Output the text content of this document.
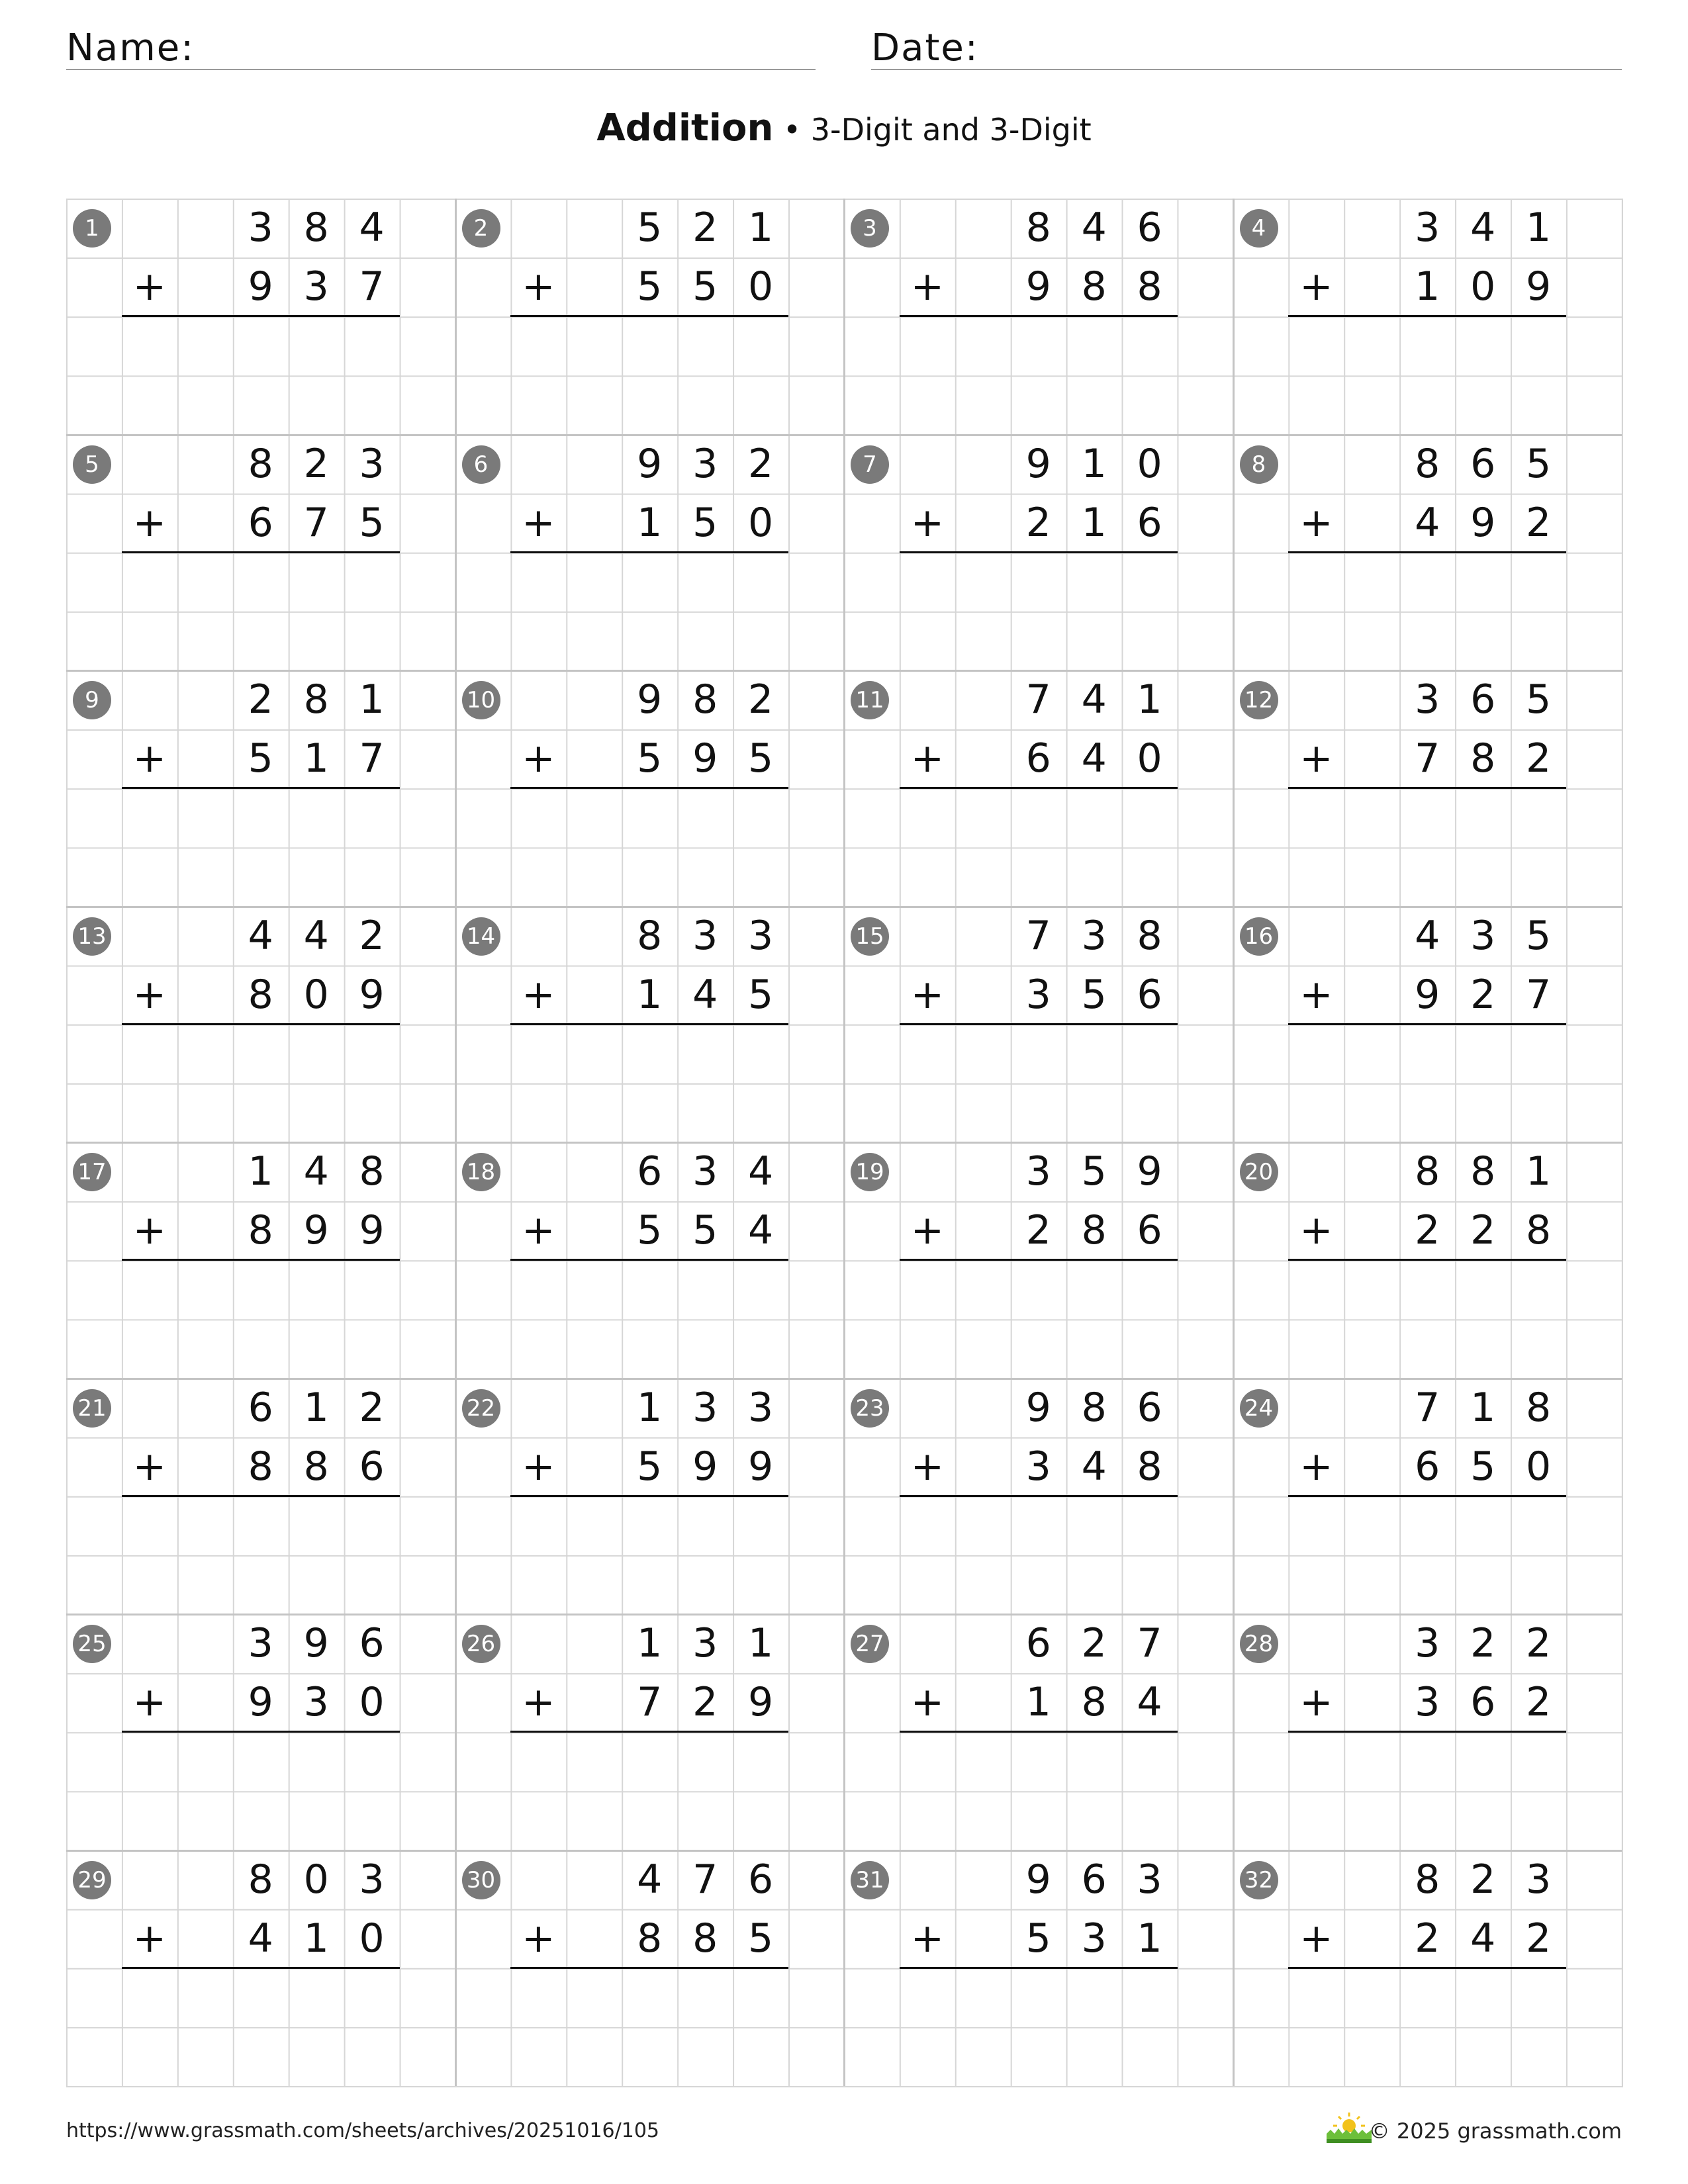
Name:	Date:
Addition • 3-Digit and 3-Digit
1	3 8 4
9 3 7
+
2	5 2 1
5 5 0
+
3	8 4 6
9 8 8
+
4	3 4 1
1 0 9
+
5	8 2 3
6 7 5
+
6	9 3 2
1 5 0
+
7	9 1 0
2 1 6
+
8	8 6 5
4 9 2
+
9	2 8 1
5 1 7
+
10	9 8 2
5 9 5
+
11	7 4 1
6 4 0
+
12	3 6 5
7 8 2
+
13	4 4 2
8 0 9
+
14	8 3 3
1 4 5
+
15	7 3 8
3 5 6
+
16	4 3 5
9 2 7
+
17	1 4 8
8 9 9
+
18	6 3 4
5 5 4
+
19	3 5 9
2 8 6
+
20	8 8 1
2 2 8
+
21	6 1 2
8 8 6
+
22	1 3 3
5 9 9
+
23	9 8 6
3 4 8
+
24	7 1 8
6 5 0
+
25	3 9 6
9 3 0
+
26	1 3 1
7 2 9
+
27	6 2 7
1 8 4
+
28	3 2 2
3 6 2
+
29	8 0 3
4 1 0
+
30	4 7 6
8 8 5
+
31	9 6 3
5 3 1
+
32	8 2 3
2 4 2
+
https://www.grassmath.com/sheets/archives/20251016/105	© 2025 grassmath.com
